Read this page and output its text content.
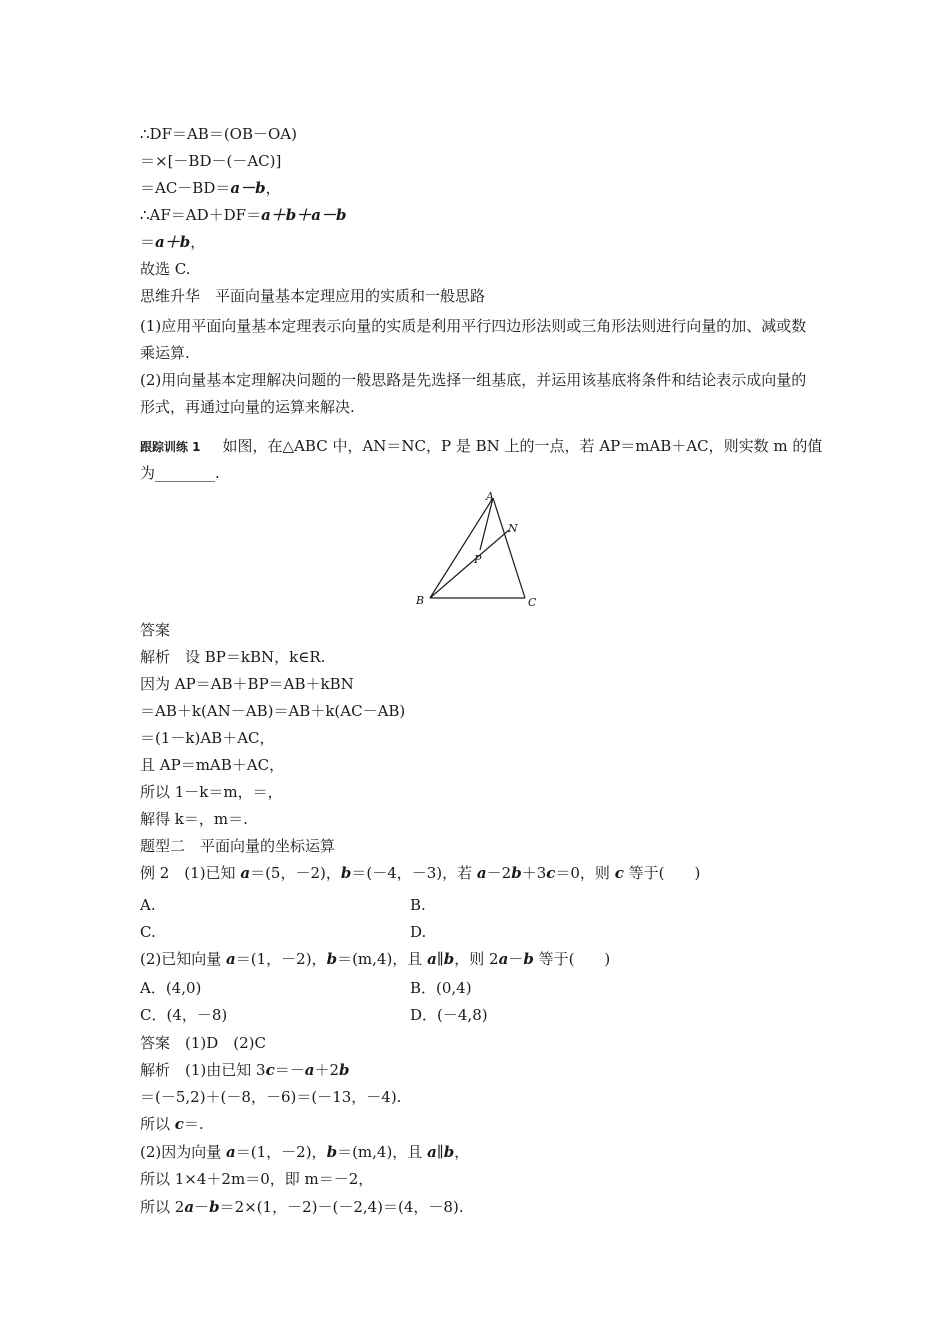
∴DF＝AB＝(OB－OA)
＝×[－BD－(－AC)]
＝AC－BD＝a－b，
∴AF＝AD＋DF＝a＋b＋a－b
＝a＋b，
故选 C.
思维升华　平面向量基本定理应用的实质和一般思路
(1)应用平面向量基本定理表示向量的实质是利用平行四边形法则或三角形法则进行向量的加、减或数乘运算.
(2)用向量基本定理解决问题的一般思路是先选择一组基底，并运用该基底将条件和结论表示成向量的形式，再通过向量的运算来解决.
跟踪训练 1 如图，在△ABC 中，AN＝NC，P 是 BN 上的一点，若 AP＝mAB＋AC，则实数 m 的值
为________.
A
B	C
N
P
答案
解析　设 BP＝kBN，k∈R.
因为 AP＝AB＋BP＝AB＋kBN
＝AB＋k(AN－AB)＝AB＋k(AC－AB)
＝(1－k)AB＋AC，
且 AP＝mAB＋AC，
所以 1－k＝m，＝，
解得 k＝，m＝.
题型二　平面向量的坐标运算
例 2　(1)已知 a＝(5，－2)，b＝(－4，－3)，若 a－2b＋3c＝0，则 c 等于(　　)
A.	B.
C.	D.
(2)已知向量 a＝(1，－2)，b＝(m,4)，且 a∥b，则 2a－b 等于(　　)
A．(4,0)	B．(0,4)
C．(4，－8)	D．(－4,8)
答案　(1)D　(2)C
解析　(1)由已知 3c＝－a＋2b
＝(－5,2)＋(－8，－6)＝(－13，－4).
所以 c＝.
(2)因为向量 a＝(1，－2)，b＝(m,4)，且 a∥b，
所以 1×4＋2m＝0，即 m＝－2，
所以 2a－b＝2×(1，－2)－(－2,4)＝(4，－8).
